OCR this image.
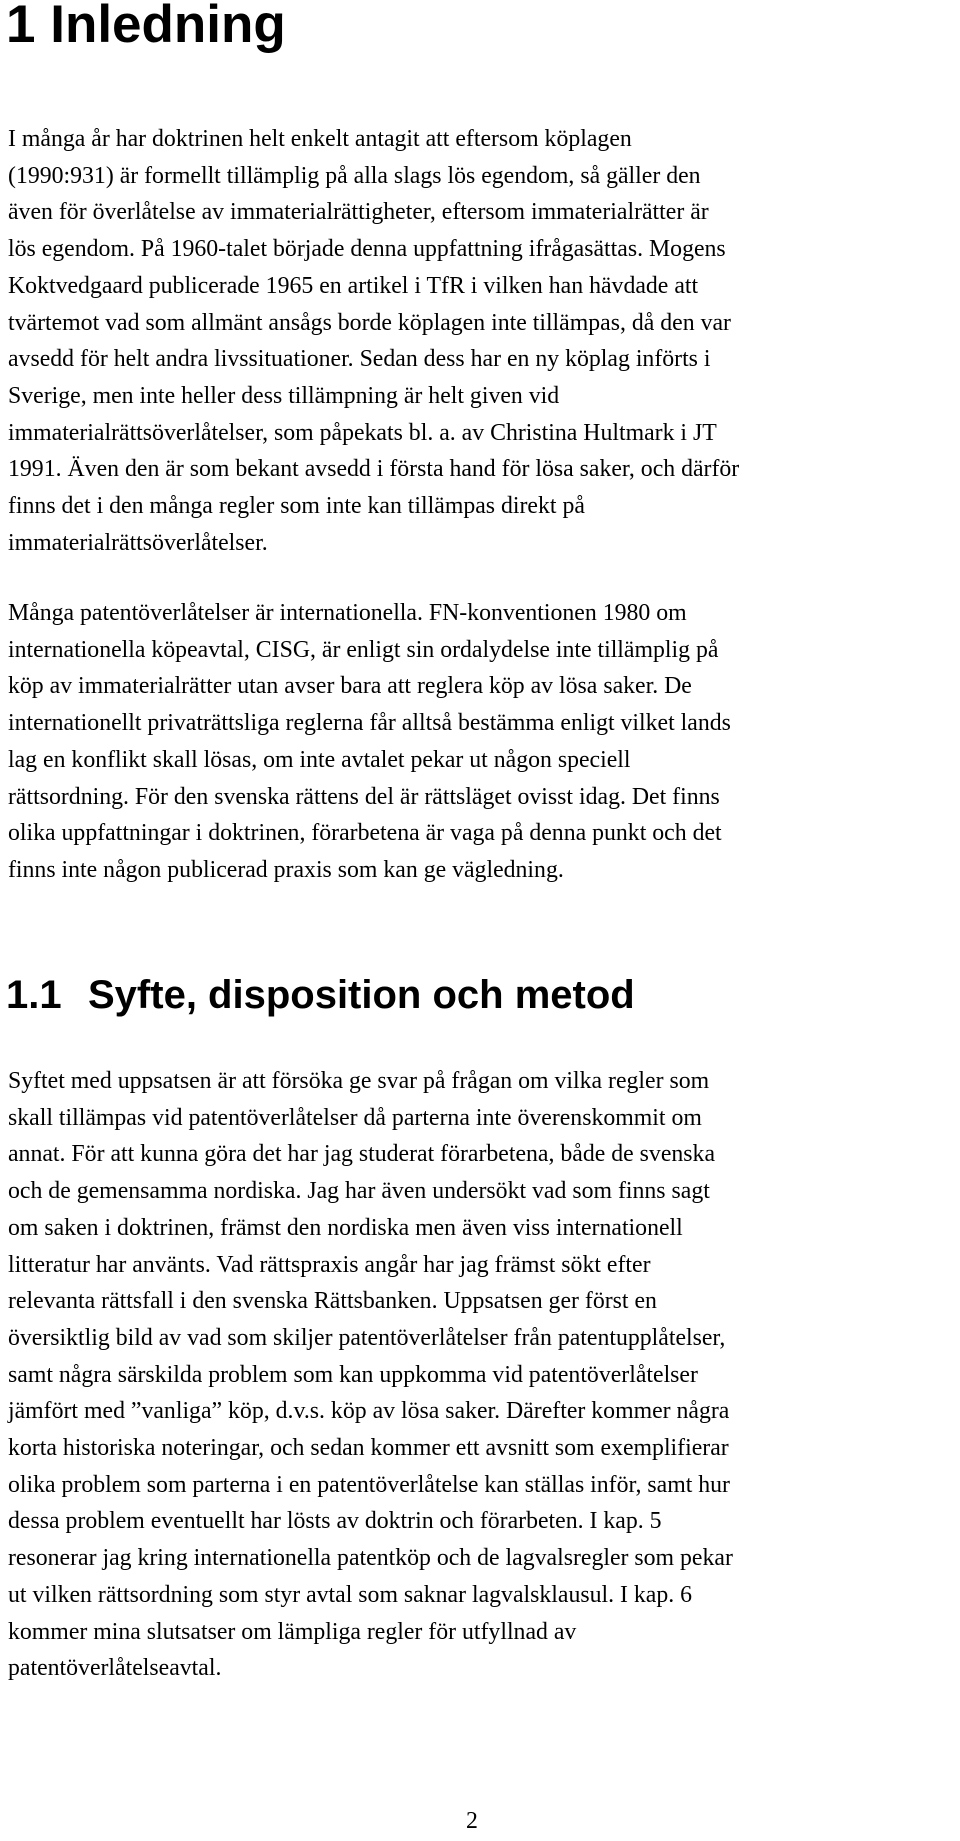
1 Inledning
I många år har doktrinen helt enkelt antagit att eftersom köplagen
(1990:931) är formellt tillämplig på alla slags lös egendom, så gäller den
även för överlåtelse av immaterialrättigheter, eftersom immaterialrätter är
lös egendom. På 1960-talet började denna uppfattning ifrågasättas. Mogens
Koktvedgaard publicerade 1965 en artikel i TfR i vilken han hävdade att
tvärtemot vad som allmänt ansågs borde köplagen inte tillämpas, då den var
avsedd för helt andra livssituationer. Sedan dess har en ny köplag införts i
Sverige, men inte heller dess tillämpning är helt given vid
immaterialrättsöverlåtelser, som påpekats bl. a. av Christina Hultmark i JT
1991. Även den är som bekant avsedd i första hand för lösa saker, och därför
finns det i den många regler som inte kan tillämpas direkt på
immaterialrättsöverlåtelser.
Många patentöverlåtelser är internationella. FN-konventionen 1980 om
internationella köpeavtal, CISG, är enligt sin ordalydelse inte tillämplig på
köp av immaterialrätter utan avser bara att reglera köp av lösa saker. De
internationellt privaträttsliga reglerna får alltså bestämma enligt vilket lands
lag en konflikt skall lösas, om inte avtalet pekar ut någon speciell
rättsordning. För den svenska rättens del är rättsläget ovisst idag. Det finns
olika uppfattningar i doktrinen, förarbetena är vaga på denna punkt och det
finns inte någon publicerad praxis som kan ge vägledning.
1.1 Syfte, disposition och metod
Syftet med uppsatsen är att försöka ge svar på frågan om vilka regler som
skall tillämpas vid patentöverlåtelser då parterna inte överenskommit om
annat. För att kunna göra det har jag studerat förarbetena, både de svenska
och de gemensamma nordiska. Jag har även undersökt vad som finns sagt
om saken i doktrinen, främst den nordiska men även viss internationell
litteratur har använts. Vad rättspraxis angår har jag främst sökt efter
relevanta rättsfall i den svenska Rättsbanken. Uppsatsen ger först en
översiktlig bild av vad som skiljer patentöverlåtelser från patentupplåtelser,
samt några särskilda problem som kan uppkomma vid patentöverlåtelser
jämfört med ”vanliga” köp, d.v.s. köp av lösa saker. Därefter kommer några
korta historiska noteringar, och sedan kommer ett avsnitt som exemplifierar
olika problem som parterna i en patentöverlåtelse kan ställas inför, samt hur
dessa problem eventuellt har lösts av doktrin och förarbeten. I kap. 5
resonerar jag kring internationella patentköp och de lagvalsregler som pekar
ut vilken rättsordning som styr avtal som saknar lagvalsklausul. I kap. 6
kommer mina slutsatser om lämpliga regler för utfyllnad av
patentöverlåtelseavtal.
2
